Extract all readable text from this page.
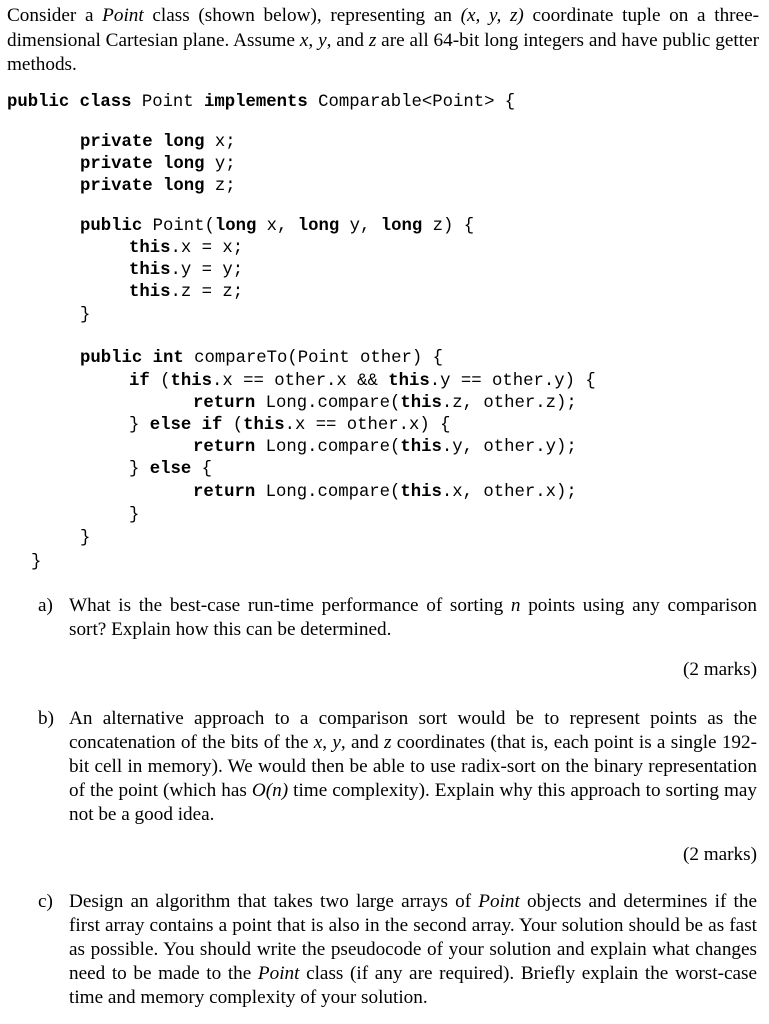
Consider a Point class (shown below), representing an (x, y, z) coordinate tuple on a three-dimensional Cartesian plane. Assume x, y, and z are all 64-bit long integers and have public getter methods.
public class Point implements Comparable<Point> {
private long x;
private long y;
private long z;
public Point(long x, long y, long z) {
this.x = x;
this.y = y;
this.z = z;
}
public int compareTo(Point other) {
if (this.x == other.x && this.y == other.y) {
return Long.compare(this.z, other.z);
} else if (this.x == other.x) {
return Long.compare(this.y, other.y);
} else {
return Long.compare(this.x, other.x);
}
}
}
a) What is the best-case run-time performance of sorting n points using any comparison sort? Explain how this can be determined.
(2 marks)
b) An alternative approach to a comparison sort would be to represent points as the concatenation of the bits of the x, y, and z coordinates (that is, each point is a single 192-bit cell in memory). We would then be able to use radix-sort on the binary representation of the point (which has O(n) time complexity). Explain why this approach to sorting may not be a good idea.
(2 marks)
c) Design an algorithm that takes two large arrays of Point objects and determines if the first array contains a point that is also in the second array. Your solution should be as fast as possible. You should write the pseudocode of your solution and explain what changes need to be made to the Point class (if any are required). Briefly explain the worst-case time and memory complexity of your solution.
